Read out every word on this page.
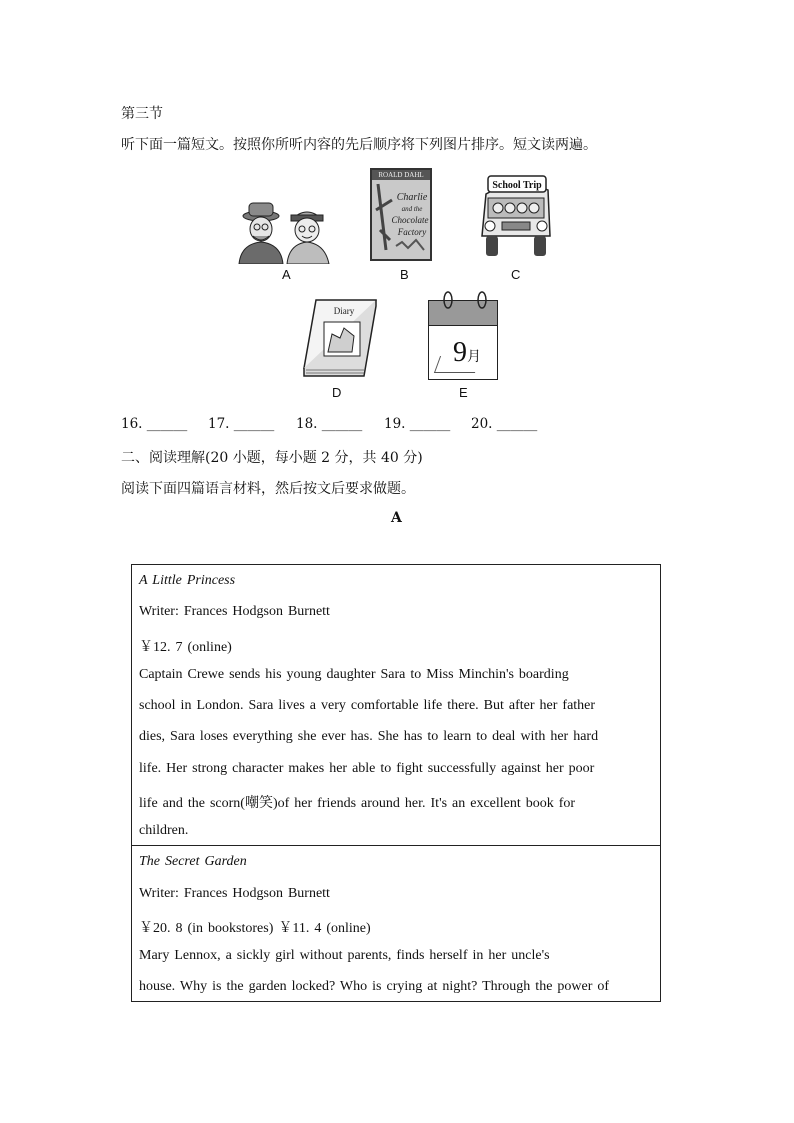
第三节
听下面一篇短文。按照你所听内容的先后顺序将下列图片排序。短文读两遍。
A
ROALD DAHL
Charlie
and the
Chocolate
Factory
B
School Trip
C
Diary
D
9月
E
16. ______ 17. ______ 18. ______ 19. ______ 20. ______
二、阅读理解(20 小题，每小题 2 分，共 40 分)
阅读下面四篇语言材料，然后按文后要求做题。
A
A Little Princess
Writer: Frances Hodgson Burnett
￥12. 7 (online)
Captain Crewe sends his young daughter Sara to Miss Minchin's boarding
school in London. Sara lives a very comfortable life there. But after her father
dies, Sara loses everything she ever has. She has to learn to deal with her hard
life. Her strong character makes her able to fight successfully against her poor
life and the scorn(嘲笑)of her friends around her. It's an excellent book for
children.
The Secret Garden
Writer: Frances Hodgson Burnett
￥20. 8 (in bookstores) ￥11. 4 (online)
Mary Lennox, a sickly girl without parents, finds herself in her uncle's
house. Why is the garden locked? Who is crying at night? Through the power of
